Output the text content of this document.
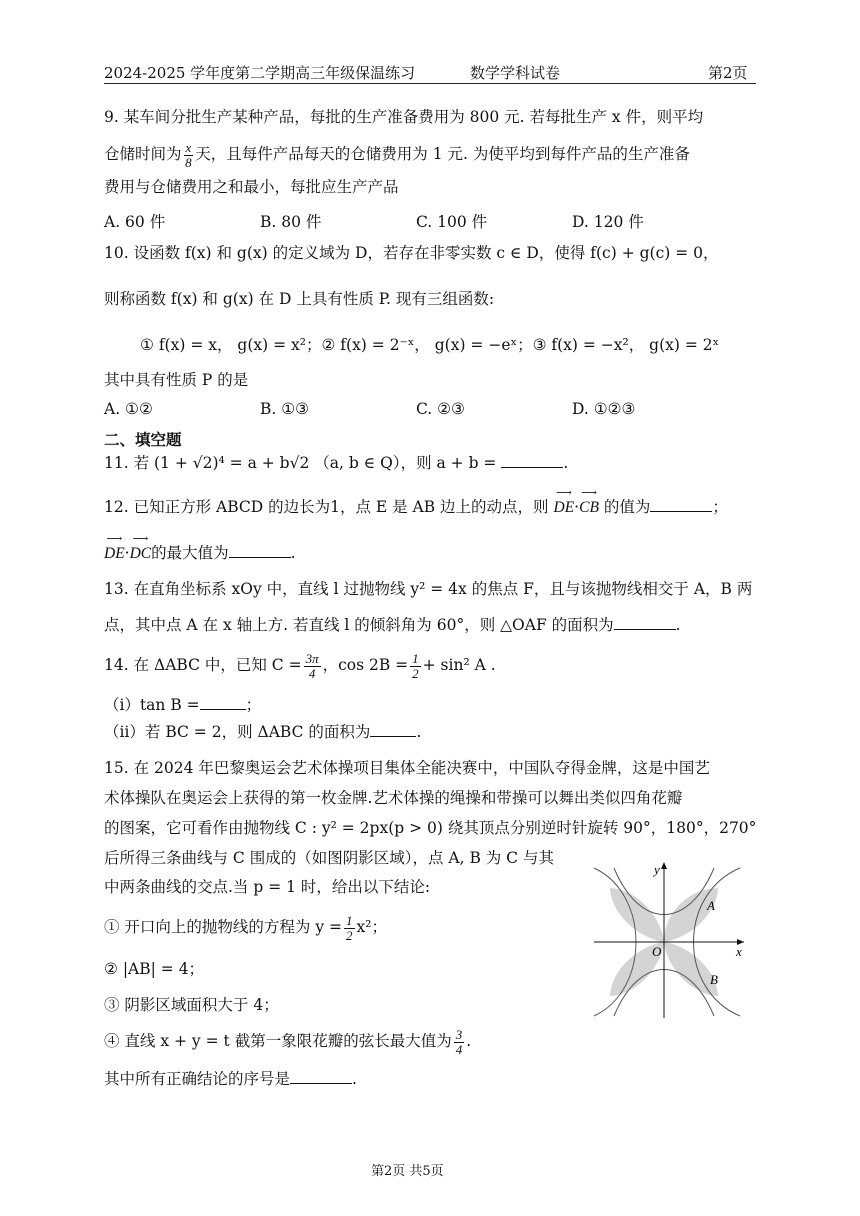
2024-2025 学年度第二学期高三年级保温练习	数学学科试卷	第2页
9. 某车间分批生产某种产品，每批的生产准备费用为 800 元. 若每批生产 x 件，则平均
仓储时间为 $\frac{x}{8}$ 天，且每件产品每天的仓储费用为 1 元. 为使平均到每件产品的生产准备
费用与仓储费用之和最小，每批应生产产品
A. 60 件	B. 80 件	C. 100 件	D. 120 件
10. 设函数 f(x) 和 g(x) 的定义域为 D，若存在非零实数 c ∈ D，使得 f(c) + g(c) = 0，
则称函数 f(x) 和 g(x) 在 D 上具有性质 P. 现有三组函数:
① f(x) = x， g(x) = x²；② f(x) = 2⁻ˣ， g(x) = −eˣ；③ f(x) = −x²， g(x) = 2ˣ
其中具有性质 P 的是
A. ①②	B. ①③	C. ②③	D. ①②③
二、填空题
11. 若 (1 + √2)⁴ = a + b√2 （a, b ∈ Q），则 a + b =	.
12. 已知正方形 ABCD 的边长为1，点 E 是 AB 边上的动点，则 ⟶ DE·⟶ CB 的值为	；
⟶ DE·⟶ DC的最大值为	.
13. 在直角坐标系 xOy 中，直线 l 过抛物线 y² = 4x 的焦点 F，且与该抛物线相交于 A，B 两
点，其中点 A 在 x 轴上方. 若直线 l 的倾斜角为 60°，则 △OAF 的面积为	.
14. 在 ΔABC 中，已知 $C = \frac{3\pi}{4}$ ，$\cos 2B = \frac{1}{2} + \sin^2$ A .
（ⅰ）tan B =	；
（ⅱ）若 BC = 2，则 ΔABC 的面积为	.
15. 在 2024 年巴黎奥运会艺术体操项目集体全能决赛中，中国队夺得金牌，这是中国艺
术体操队在奥运会上获得的第一枚金牌.艺术体操的绳操和带操可以舞出类似四角花瓣
的图案，它可看作由抛物线 C : y² = 2px(p > 0) 绕其顶点分别逆时针旋转 90°，180°，270°
后所得三条曲线与 C 围成的（如图阴影区域），点 A, B 为 C 与其
中两条曲线的交点.当 p = 1 时，给出以下结论:
① 开口向上的抛物线的方程为 $y = \frac{1}{2} x^2$；
② |AB| = 4；
③ 阴影区域面积大于 4；
④ 直线 x + y = t 截第一象限花瓣的弦长最大值为 $\frac{3}{4}$ .
其中所有正确结论的序号是	.
y
x
O
A
B
第2页 共5页
